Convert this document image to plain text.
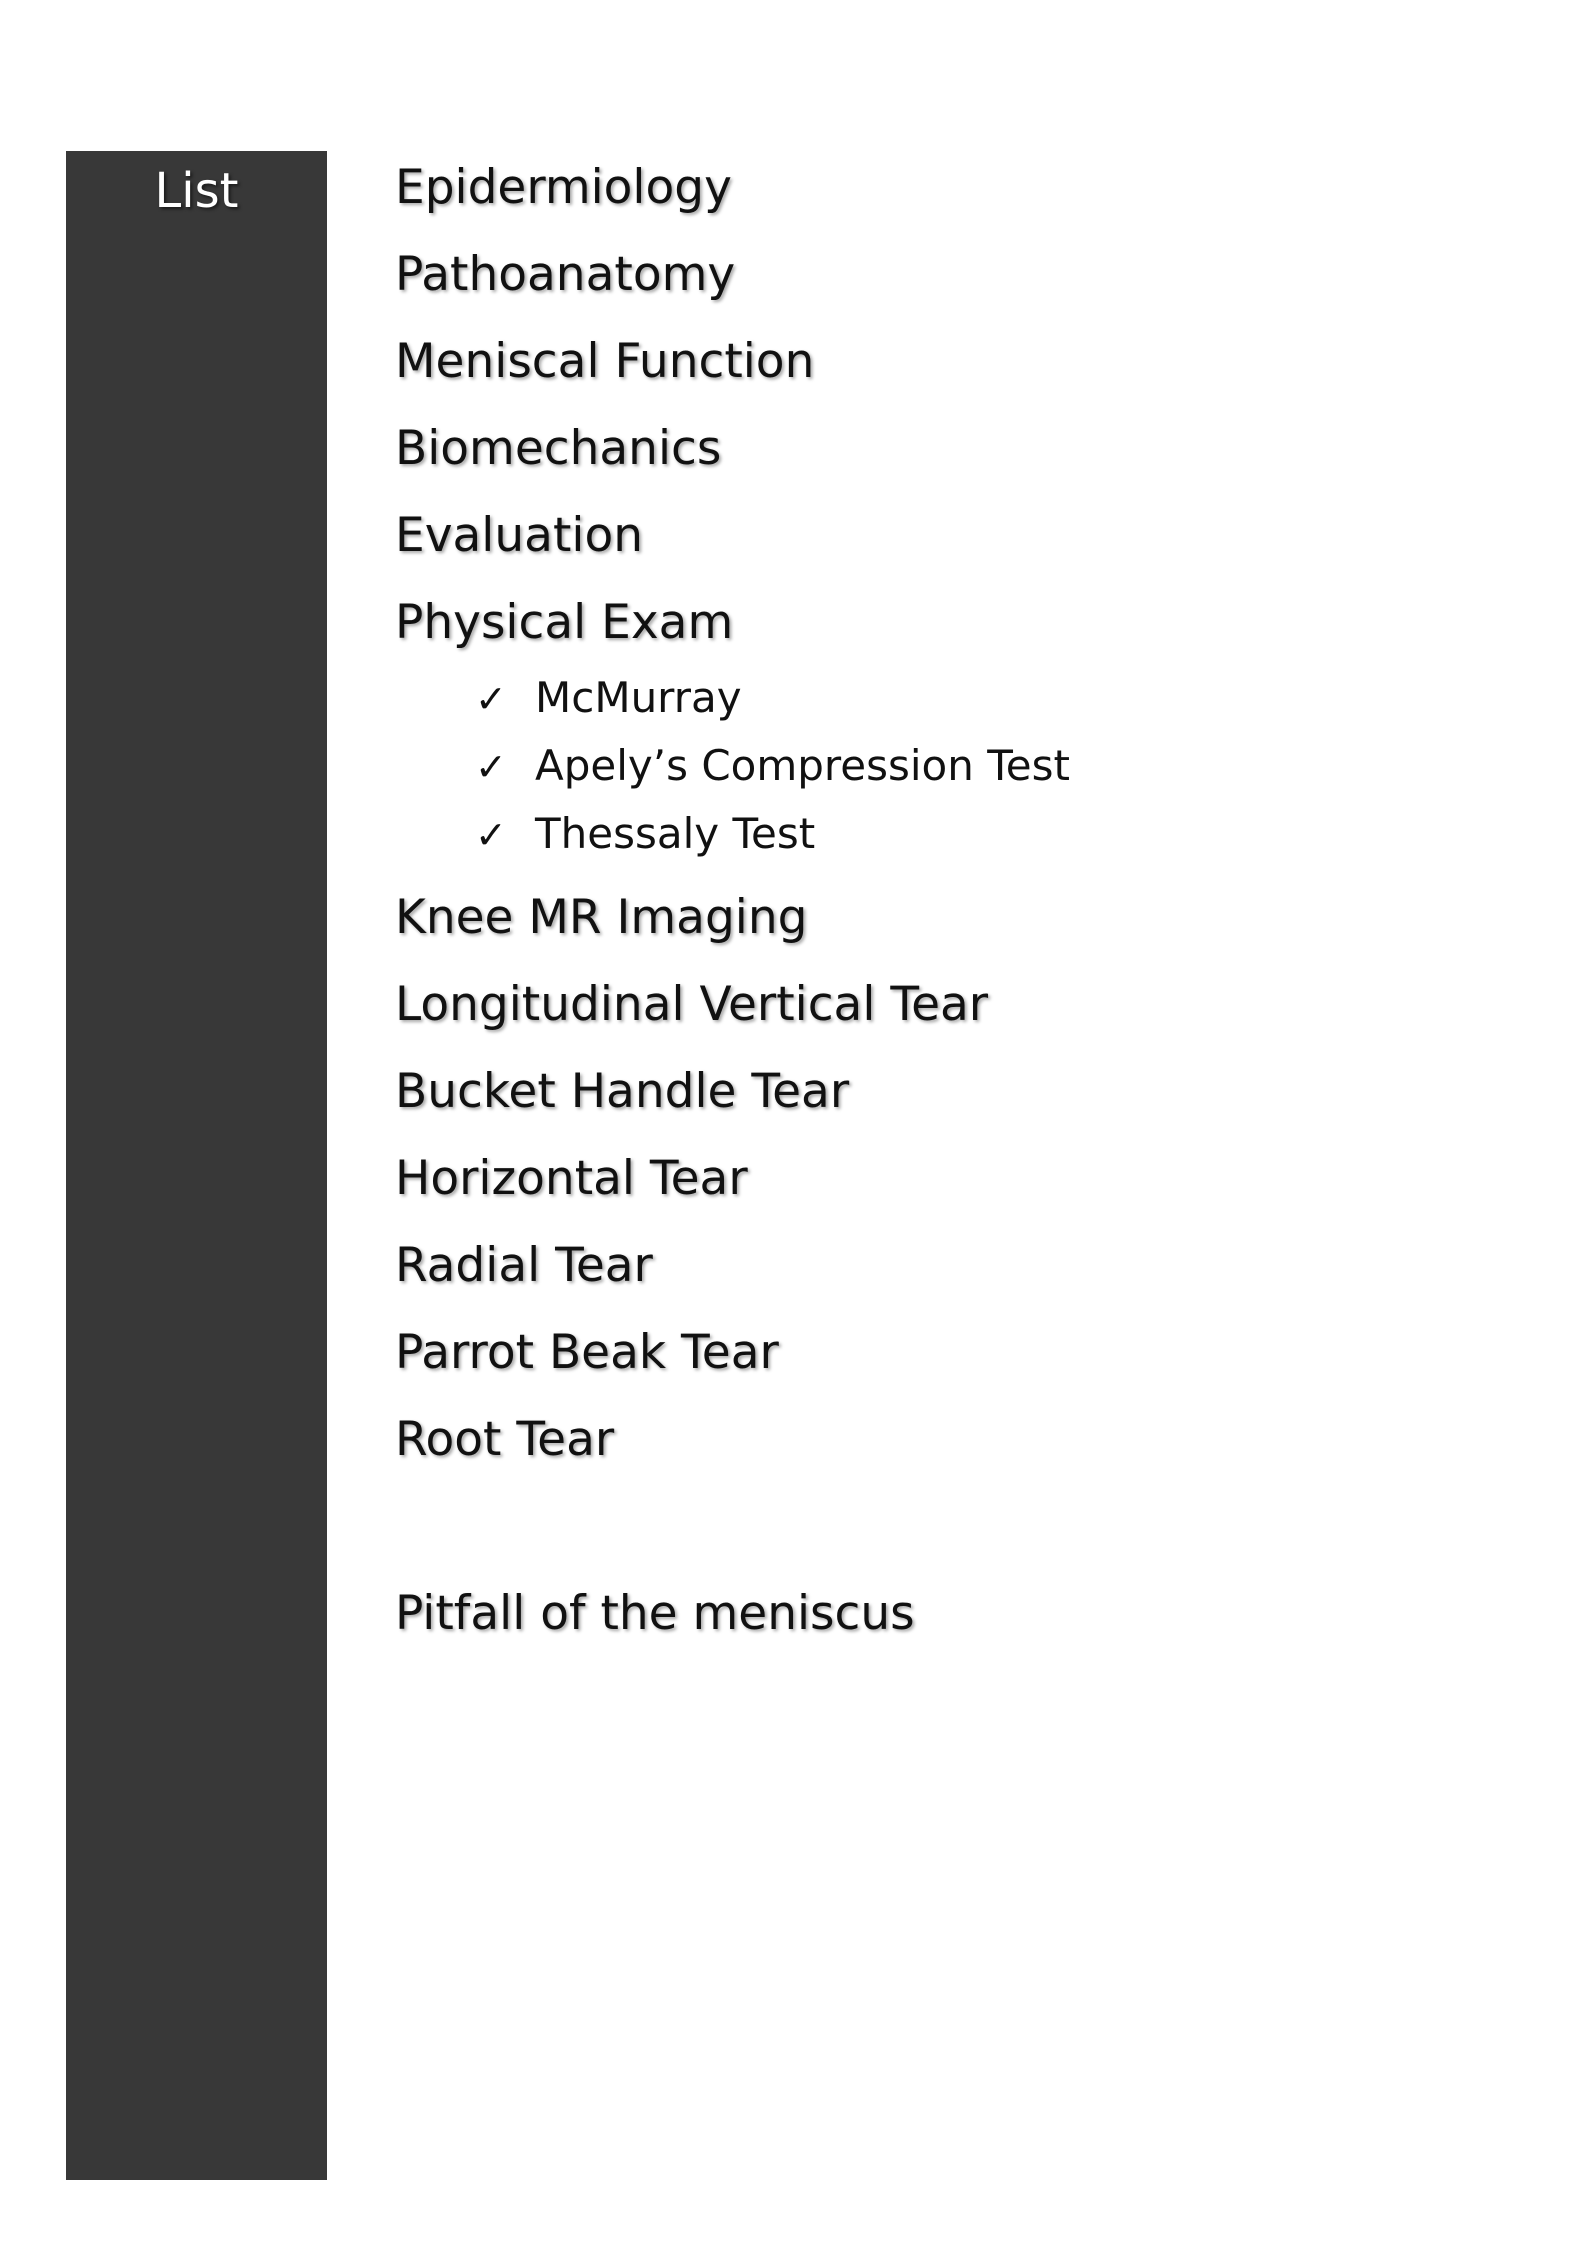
List	Epidermiology
Pathoanatomy
Meniscal Function
Biomechanics
Evaluation
Physical Exam
✓ McMurray
✓ Apely’s Compression Test
✓ Thessaly Test
Knee MR Imaging
Longitudinal Vertical Tear
Bucket Handle Tear
Horizontal Tear
Radial Tear
Parrot Beak Tear
Root Tear
Pitfall of the meniscus
